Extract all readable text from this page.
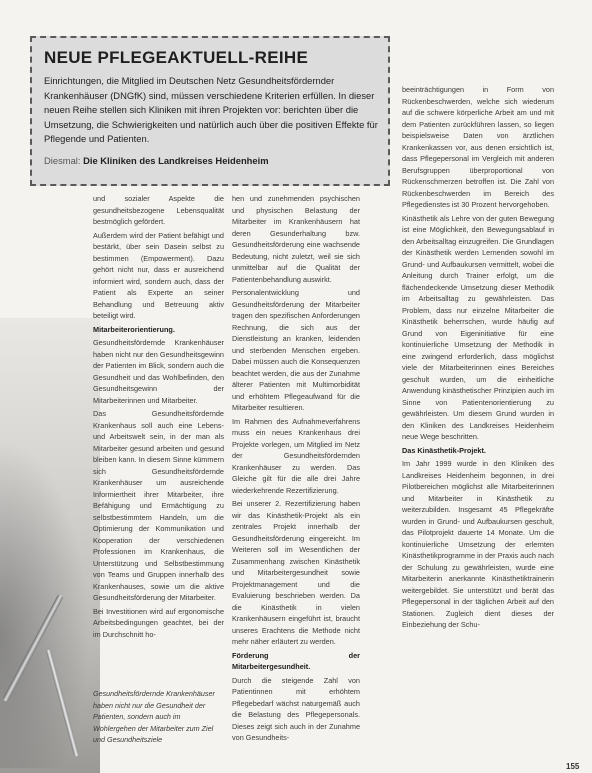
NEUE PFLEGEAKTUELL-REIHE

Einrichtungen, die Mitglied im Deutschen Netz Gesundheitsfördernder Krankenhäuser (DNGfK) sind, müssen verschiedene Kriterien erfüllen. In dieser neuen Reihe stellen sich Kliniken mit ihren Projekten vor: berichten über die Umsetzung, die Schwierigkeiten und natürlich auch über die positiven Effekte für Pflegende und Patienten.

Diesmal: Die Kliniken des Landkreises Heidenheim

und sozialer Aspekte die gesundheitsbezogene Lebensqualität bestmöglich gefördert.

Außerdem wird der Patient befähigt und bestärkt, über sein Dasein selbst zu bestimmen (Empowerment). Dazu gehört nicht nur, dass er ausreichend informiert wird, sondern auch, dass der Patient als Experte an seiner Behandlung und Betreuung aktiv beteiligt wird.

Mitarbeiterorientierung.

Gesundheitsfördernde Krankenhäuser haben nicht nur den Gesundheitsgewinn der Patienten im Blick, sondern auch die Gesundheit und das Wohlbefinden, den Gesundheitsgewinn der Mitarbeiterinnen und Mitarbeiter.

Das Gesundheitsfördernde Krankenhaus soll auch eine Lebens- und Arbeitswelt sein, in der man als Mitarbeiter gesund arbeiten und gesund bleiben kann. In diesem Sinne kümmern sich Gesundheitsfördernde Krankenhäuser um ausreichende Informiertheit ihrer Mitarbeiter, ihre Befähigung und Ermächtigung zu selbstbestimmtem Handeln, um die Optimierung der Kommunikation und Kooperation der verschiedenen Professionen im Krankenhaus, die Unterstützung und Selbstbestimmung von Teams und Gruppen innerhalb des Krankenhauses, sowie um die aktive Gesundheitsförderung der Mitarbeiter.

Bei Investitionen wird auf ergonomische Arbeitsbedingungen geachtet, bei der im Durchschnitt ho-

hen und zunehmenden psychischen und physischen Belastung der Mitarbeiter im Krankenhäusern hat deren Gesunderhaltung bzw. Gesundheitsförderung eine wachsende Bedeutung, nicht zuletzt, weil sie sich unmittelbar auf die Qualität der Patientenbehandlung auswirkt.

Personalentwicklung und Gesundheitsförderung der Mitarbeiter tragen den spezifischen Anforderungen Rechnung, die sich aus der Dienstleistung an kranken, leidenden und sterbenden Menschen ergeben. Dabei müssen auch die Konsequenzen beachtet werden, die aus der Zunahme älterer Patienten mit Multimorbidität und erhöhtem Pflegeaufwand für die Mitarbeiter resultieren.

Im Rahmen des Aufnahmeverfahrens muss ein neues Krankenhaus drei Projekte vorlegen, um Mitglied im Netz der Gesundheitsfördernden Krankenhäuser zu werden. Das Gleiche gilt für die alle drei Jahre wiederkehrende Rezertifizierung.

Bei unserer 2. Rezertifizierung haben wir das Kinästhetik-Projekt als ein zentrales Projekt innerhalb der Gesundheitsförderung eingereicht. Im Weiteren soll im Wesentlichen der Zusammenhang zwischen Kinästhetik und Mitarbeitergesundheit sowie Projektmanagement und die Evaluierung beschrieben werden. Da die Kinästhetik in vielen Krankenhäusern eingeführt ist, braucht unseres Erachtens die Methode nicht mehr näher erläutert zu werden.

Förderung der Mitarbeitergesundheit.

Durch die steigende Zahl von Patientinnen mit erhöhtem Pflegebedarf wächst naturgemäß auch die Belastung des Pflegepersonals. Dieses zeigt sich auch in der Zunahme von Gesundheits-

beeinträchtigungen in Form von Rückenbeschwerden, welche sich wiederum auf die schwere körperliche Arbeit am und mit dem Patienten zurückführen lassen, so liegen beispielsweise Daten von ärztlichen Krankenkassen vor, aus denen ersichtlich ist, dass Pflegepersonal im Vergleich mit anderen Berufsgruppen überproportional von Rückenschmerzen betroffen ist. Die Zahl von Rückenbeschwerden im Bereich des Pflegedienstes ist 30 Prozent hervorgehoben.

Kinästhetik als Lehre von der guten Bewegung ist eine Möglichkeit, den Bewegungsablauf in den Arbeitsalltag einzugreifen. Die Grundlagen der Kinästhetik werden Lernenden sowohl im Grund- und Aufbaukursen vermittelt, wobei die Anleitung durch Trainer erfolgt, um die flächendeckende Umsetzung dieser Methodik im Arbeitsalltag zu gewährleisten. Das Problem, dass nur einzelne Mitarbeiter die Kinästhetik beherrschen, wurde häufig auf Grund von Eigeninitiative für eine kontinuierliche Umsetzung der Methodik in eine zwingend erforderlich, dass möglichst viele der Mitarbeiterinnen eines Bereiches geschult wurden, um die einheitliche Anwendung kinästhetischer Prinzipien auch im Sinne von Patientenorientierung zu gewährleisten. Um diesem Grund wurden in den Kliniken des Landkreises Heidenheim neue Wege beschritten.

Das Kinästhetik-Projekt.

Im Jahr 1999 wurde in den Kliniken des Landkreises Heidenheim begonnen, in drei Pilotbereichen möglichst alle Mitarbeiterinnen und Mitarbeiter in Kinästhetik zu weiterzubilden. Insgesamt 45 Pflegekräfte wurden in Grund- und Aufbaukursen geschult, das Pilotprojekt dauerte 14 Monate. Um die kontinuierliche Umsetzung der erlernten Kinästhetikprogramme in der Praxis auch nach der Schulung zu gewährleisten, wurde eine Mitarbeiterin anerkannte Kinästhetiktrainerin weitergebildet. Sie unterstützt und berät das Pflegepersonal in der täglichen Arbeit auf den Stationen. Zugleich dient dieses der Einbeziehung der Schu-

Gesundheitsfördernde Krankenhäuser haben nicht nur die Gesundheit der Patienten, sondern auch im Wohlergehen der Mitarbeiter zum Ziel und Gesundheitsziele
155
